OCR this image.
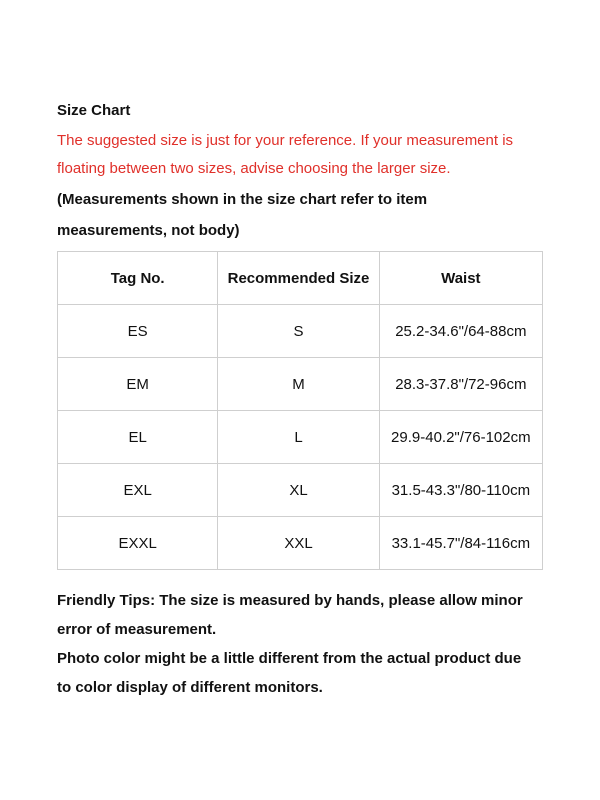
Size Chart

The suggested size is just for your reference. If your measurement is

floating between two sizes, advise choosing the larger size.

(Measurements shown in the size chart refer to item

measurements, not body)

Tag No.	Recommended Size	Waist
ES	S	25.2-34.6"/64-88cm
EM	M	28.3-37.8"/72-96cm
EL	L	29.9-40.2"/76-102cm
EXL	XL	31.5-43.3"/80-110cm
EXXL	XXL	33.1-45.7"/84-116cm

Friendly Tips: The size is measured by hands, please allow minor

error of measurement.

Photo color might be a little different from the actual product due

to color display of different monitors.
